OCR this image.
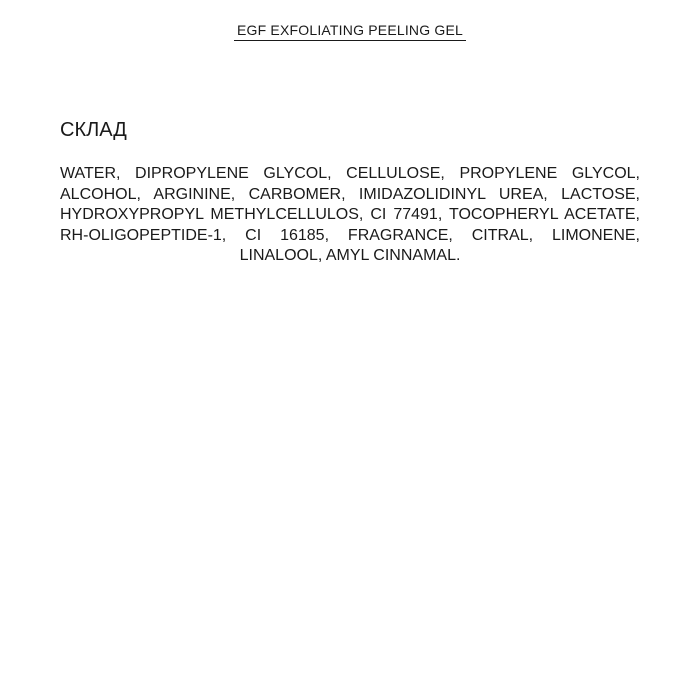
EGF EXFOLIATING PEELING GEL
СКЛАД

WATER, DIPROPYLENE GLYCOL, CELLULOSE, PROPYLENE GLYCOL, ALCOHOL, ARGININE, CARBOMER, IMIDAZOLIDINYL UREA, LACTOSE, HYDROXYPROPYL METHYLCELLULOS, CI 77491, TOCOPHERYL ACETATE, RH-OLIGOPEPTIDE-1, CI 16185, FRAGRANCE, CITRAL, LIMONENE, LINALOOL, AMYL CINNAMAL.
